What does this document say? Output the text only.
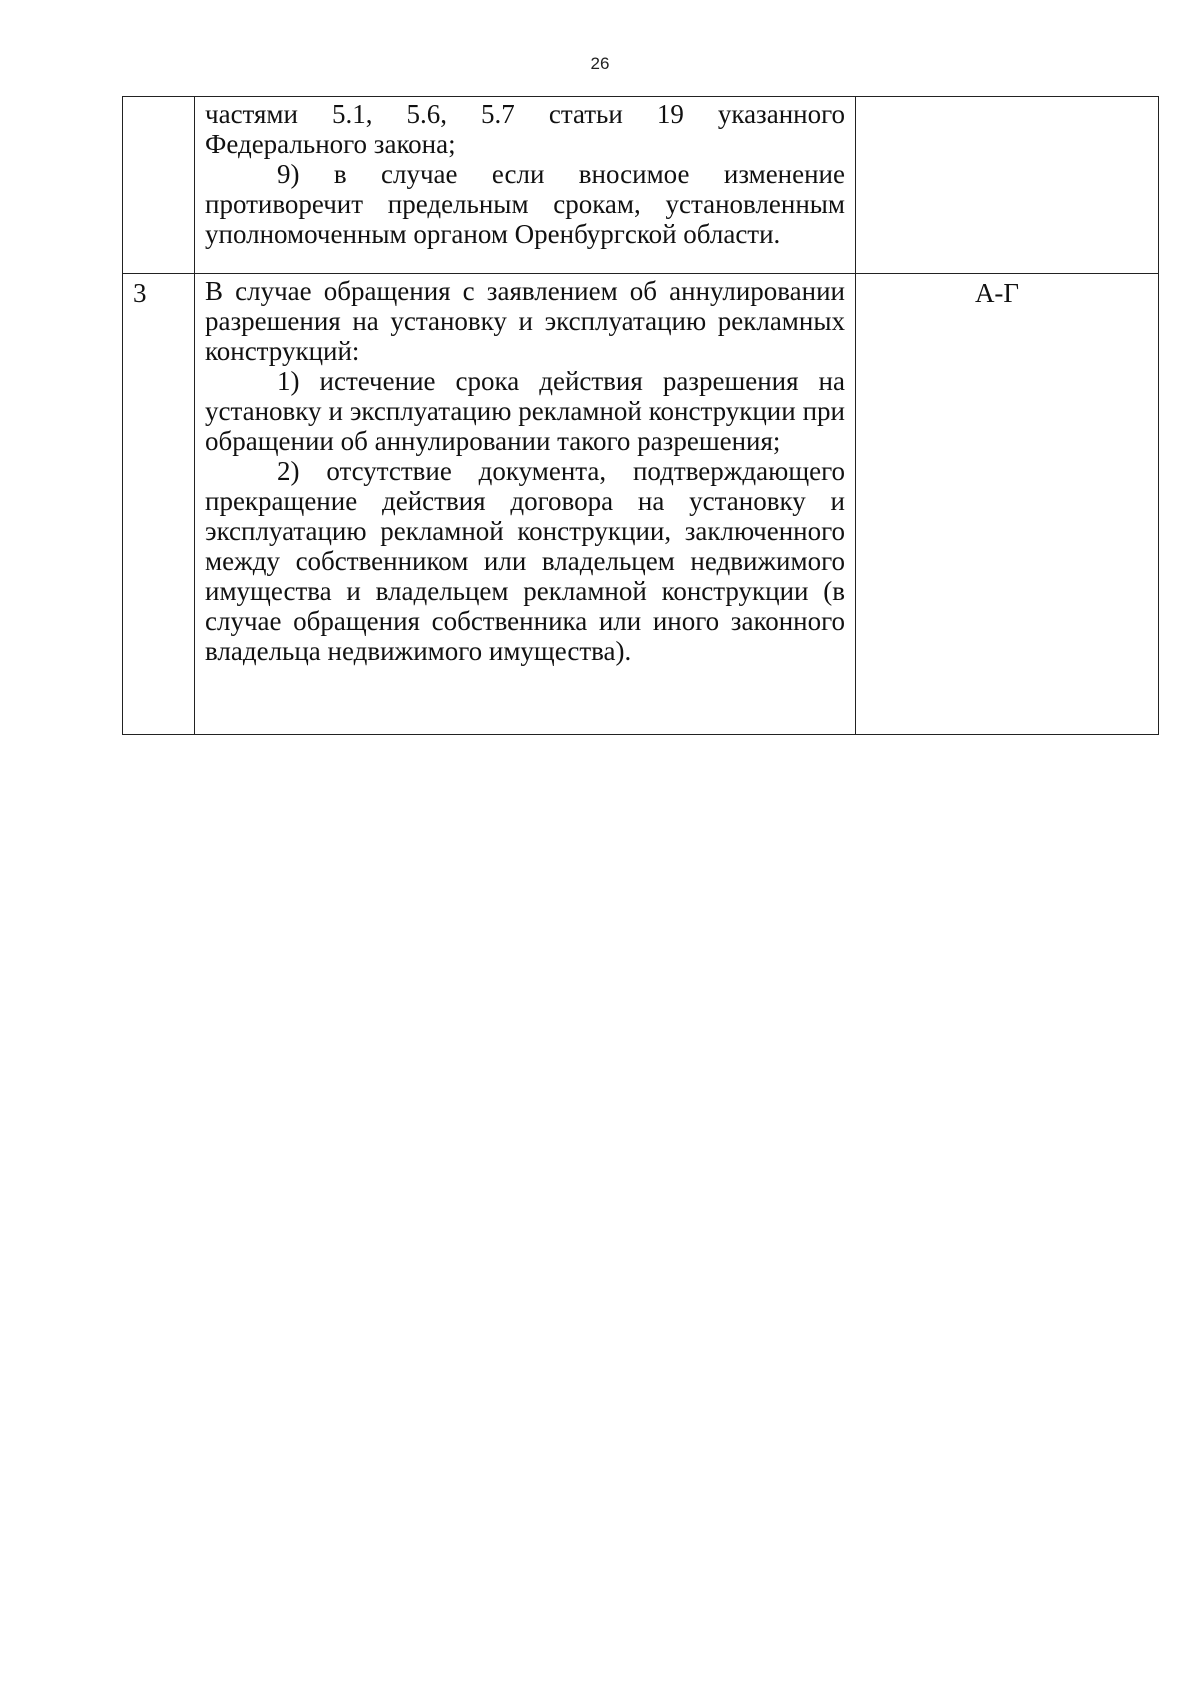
26

	частями 5.1, 5.6, 5.7 статьи 19 указанного Федерального закона;

9) в случае если вносимое изменение противоречит предельным срокам, установленным уполномоченным органом Оренбургской области.	

3	В случае обращения с заявлением об аннулировании разрешения на установку и эксплуатацию рекламных конструкций:

1) истечение срока действия разрешения на установку и эксплуатацию рекламной конструкции при обращении об аннулировании такого разрешения;

2) отсутствие документа, подтверждающего прекращение действия договора на установку и эксплуатацию рекламной конструкции, заключенного между собственником или владельцем недвижимого имущества и владельцем рекламной конструкции (в случае обращения собственника или иного законного владельца недвижимого имущества).	А-Г
